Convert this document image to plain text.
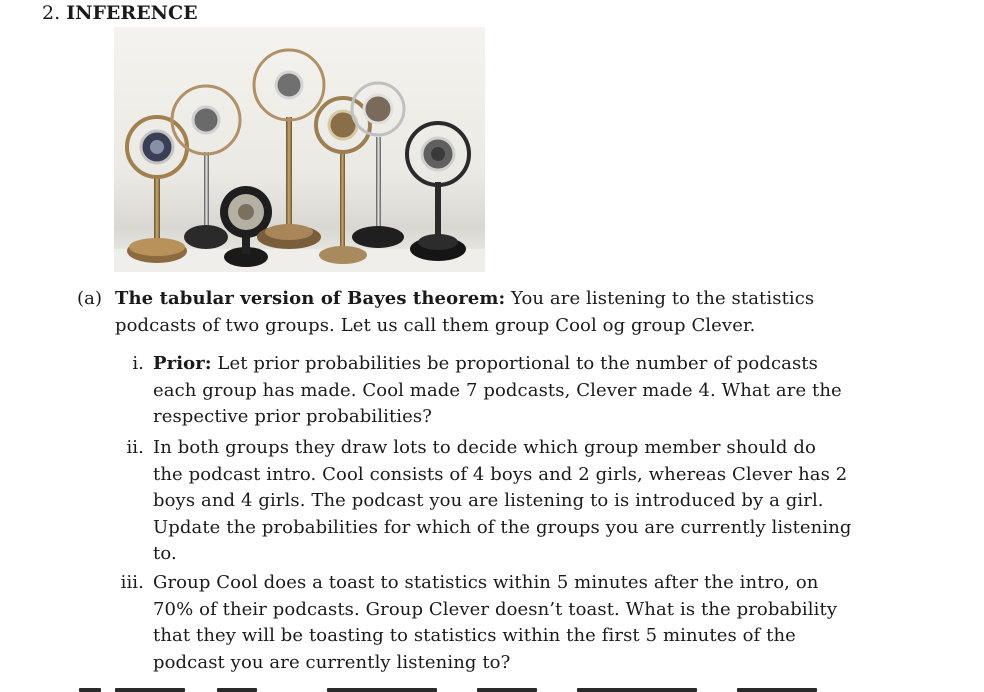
2. INFERENCE
(a) The tabular version of Bayes theorem: You are listening to the statistics
podcasts of two groups. Let us call them group Cool og group Clever.
i. Prior: Let prior probabilities be proportional to the number of podcasts
each group has made. Cool made 7 podcasts, Clever made 4. What are the
respective prior probabilities?
ii. In both groups they draw lots to decide which group member should do
the podcast intro. Cool consists of 4 boys and 2 girls, whereas Clever has 2
boys and 4 girls. The podcast you are listening to is introduced by a girl.
Update the probabilities for which of the groups you are currently listening
to.
iii. Group Cool does a toast to statistics within 5 minutes after the intro, on
70% of their podcasts. Group Clever doesn’t toast. What is the probability
that they will be toasting to statistics within the first 5 minutes of the
podcast you are currently listening to?
